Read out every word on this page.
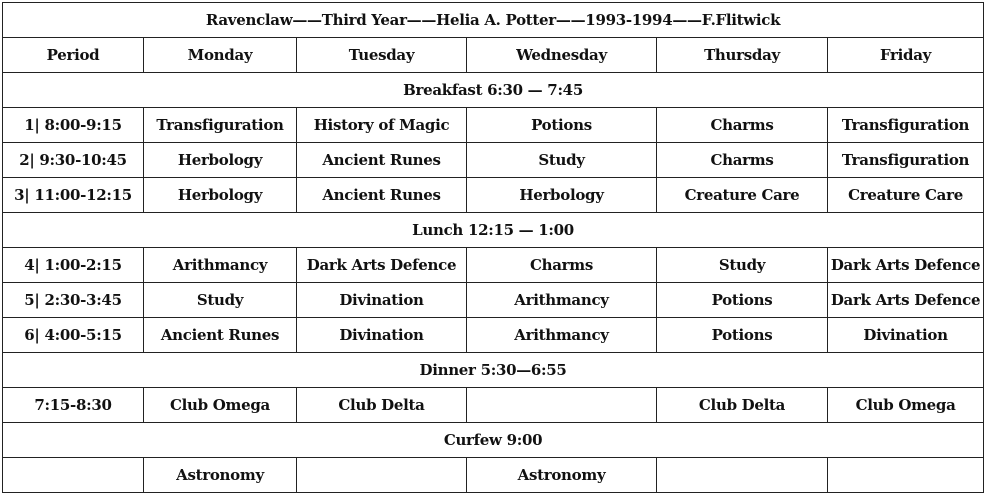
Ravenclaw——Third Year——Helia A. Potter——1993-1994——F.Flitwick					
Period	Monday	Tuesday	Wednesday	Thursday	Friday
Breakfast 6:30 — 7:45					
1| 8:00-9:15	Transfiguration	History of Magic	Potions	Charms	Transfiguration
2| 9:30-10:45	Herbology	Ancient Runes	Study	Charms	Transfiguration
3| 11:00-12:15	Herbology	Ancient Runes	Herbology	Creature Care	Creature Care
Lunch 12:15 — 1:00					
4| 1:00-2:15	Arithmancy	Dark Arts Defence	Charms	Study	Dark Arts Defence
5| 2:30-3:45	Study	Divination	Arithmancy	Potions	Dark Arts Defence
6| 4:00-5:15	Ancient Runes	Divination	Arithmancy	Potions	Divination
Dinner 5:30—6:55					
7:15-8:30	Club Omega	Club Delta		Club Delta	Club Omega
Curfew 9:00					
	Astronomy		Astronomy		
